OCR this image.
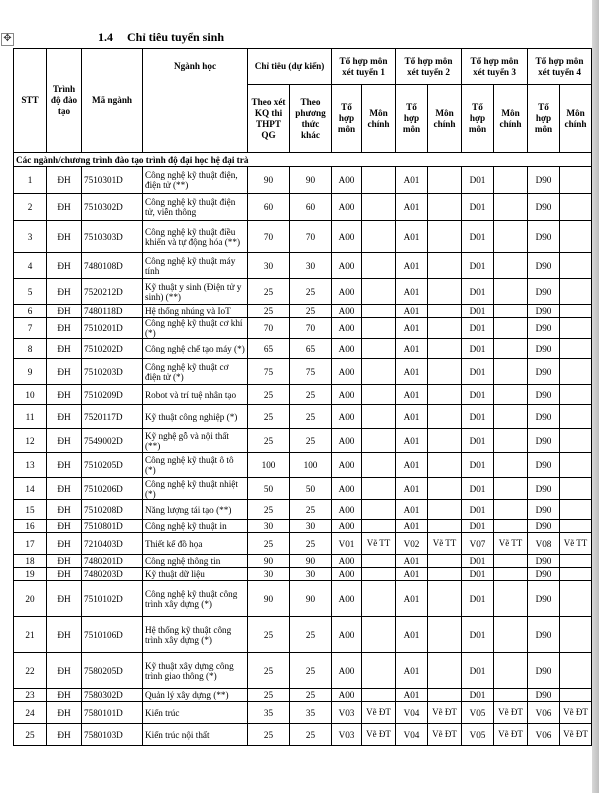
✥	1.4 Chỉ tiêu tuyển sinh
STT	Trình độ đào tạo	Mã ngành	Ngành học	Chỉ tiêu (dự kiến)		Tổ hợp môn xét tuyển 1		Tổ hợp môn xét tuyển 2		Tổ hợp môn xét tuyển 3		Tổ hợp môn xét tuyển 4	
				Theo xét KQ thi THPT QG	Theo phương thức khác	Tổ hợp môn	Môn chính	Tổ hợp môn	Môn chính	Tổ hợp môn	Môn chính	Tổ hợp môn	Môn chính
Các ngành/chương trình đào tạo trình độ đại học hệ đại trà													
1	ĐH	7510301D	Công nghệ kỹ thuật điện, điện tử (**)	90	90	A00		A01		D01		D90	
2	ĐH	7510302D	Công nghệ kỹ thuật điện tử, viễn thông	60	60	A00		A01		D01		D90	
3	ĐH	7510303D	Công nghệ kỹ thuật điều khiển và tự động hóa (**)	70	70	A00		A01		D01		D90	
4	ĐH	7480108D	Công nghệ kỹ thuật máy tính	30	30	A00		A01		D01		D90	
5	ĐH	7520212D	Kỹ thuật y sinh (Điện tử y sinh) (**)	25	25	A00		A01		D01		D90	
6	ĐH	7480118D	Hệ thống nhúng và IoT	25	25	A00		A01		D01		D90	
7	ĐH	7510201D	Công nghệ kỹ thuật cơ khí (*)	70	70	A00		A01		D01		D90	
8	ĐH	7510202D	Công nghệ chế tạo máy (*)	65	65	A00		A01		D01		D90	
9	ĐH	7510203D	Công nghệ kỹ thuật cơ điện tử (*)	75	75	A00		A01		D01		D90	
10	ĐH	7510209D	Robot và trí tuệ nhân tạo	25	25	A00		A01		D01		D90	
11	ĐH	7520117D	Kỹ thuật công nghiệp (*)	25	25	A00		A01		D01		D90	
12	ĐH	7549002D	Kỹ nghệ gỗ và nội thất (**)	25	25	A00		A01		D01		D90	
13	ĐH	7510205D	Công nghệ kỹ thuật ô tô (*)	100	100	A00		A01		D01		D90	
14	ĐH	7510206D	Công nghệ kỹ thuật nhiệt (*)	50	50	A00		A01		D01		D90	
15	ĐH	7510208D	Năng lượng tái tạo (**)	25	25	A00		A01		D01		D90	
16	ĐH	7510801D	Công nghệ kỹ thuật in	30	30	A00		A01		D01		D90	
17	ĐH	7210403D	Thiết kế đồ họa	25	25	V01	Vẽ TT	V02	Vẽ TT	V07	Vẽ TT	V08	Vẽ TT
18	ĐH	7480201D	Công nghệ thông tin	90	90	A00		A01		D01		D90	
19	ĐH	7480203D	Kỹ thuật dữ liệu	30	30	A00		A01		D01		D90	
20	ĐH	7510102D	Công nghệ kỹ thuật công trình xây dựng (*)	90	90	A00		A01		D01		D90	
21	ĐH	7510106D	Hệ thống kỹ thuật công trình xây dựng (*)	25	25	A00		A01		D01		D90	
22	ĐH	7580205D	Kỹ thuật xây dựng công trình giao thông (*)	25	25	A00		A01		D01		D90	
23	ĐH	7580302D	Quản lý xây dựng (**)	25	25	A00		A01		D01		D90	
24	ĐH	7580101D	Kiến trúc	35	35	V03	Vẽ ĐT	V04	Vẽ ĐT	V05	Vẽ ĐT	V06	Vẽ ĐT
25	ĐH	7580103D	Kiến trúc nội thất	25	25	V03	Vẽ ĐT	V04	Vẽ ĐT	V05	Vẽ ĐT	V06	Vẽ ĐT
